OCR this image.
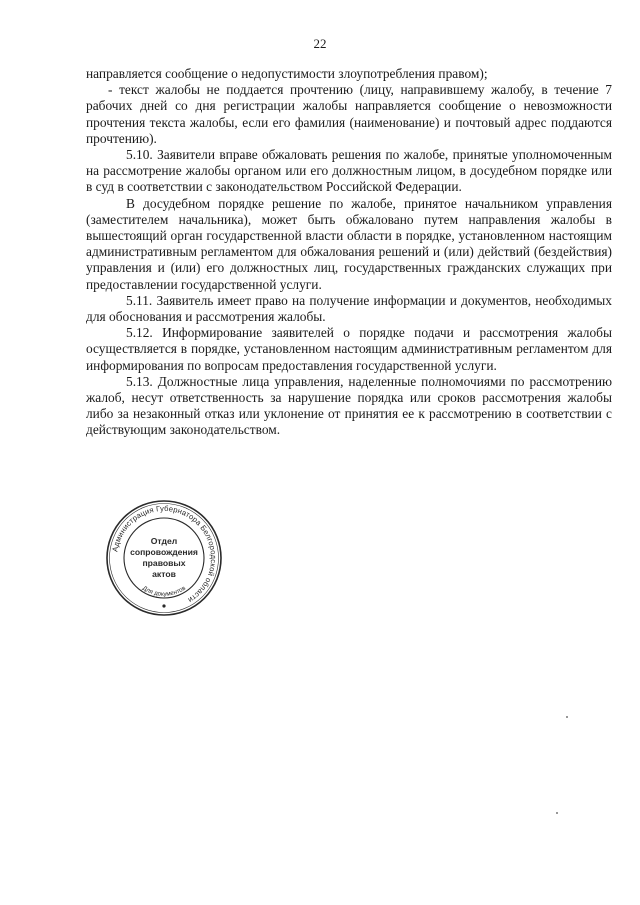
22

направляется сообщение о недопустимости злоупотребления правом);

- текст жалобы не поддается прочтению (лицу, направившему жалобу, в течение 7 рабочих дней со дня регистрации жалобы направляется сообщение о невозможности прочтения текста жалобы, если его фамилия (наименование) и почтовый адрес поддаются прочтению).

5.10. Заявители вправе обжаловать решения по жалобе, принятые уполномоченным на рассмотрение жалобы органом или его должностным лицом, в досудебном порядке или в суд в соответствии с законодательством Российской Федерации.

В досудебном порядке решение по жалобе, принятое начальником управления (заместителем начальника), может быть обжаловано путем направления жалобы в вышестоящий орган государственной власти области в порядке, установленном настоящим административным регламентом для обжалования решений и (или) действий (бездействия) управления и (или) его должностных лиц, государственных гражданских служащих при предоставлении государственной услуги.

5.11. Заявитель имеет право на получение информации и документов, необходимых для обоснования и рассмотрения жалобы.

5.12. Информирование заявителей о порядке подачи и рассмотрения жалобы осуществляется в порядке, установленном настоящим административным регламентом для информирования по вопросам предоставления государственной услуги.

5.13. Должностные лица управления, наделенные полномочиями по рассмотрению жалоб, несут ответственность за нарушение порядка или сроков рассмотрения жалобы либо за незаконный отказ или уклонение от принятия ее к рассмотрению в соответствии с действующим законодательством.

Администрация Губернатора Белгородской области
Для документов
Отдел
сопровождения
правовых
актов
